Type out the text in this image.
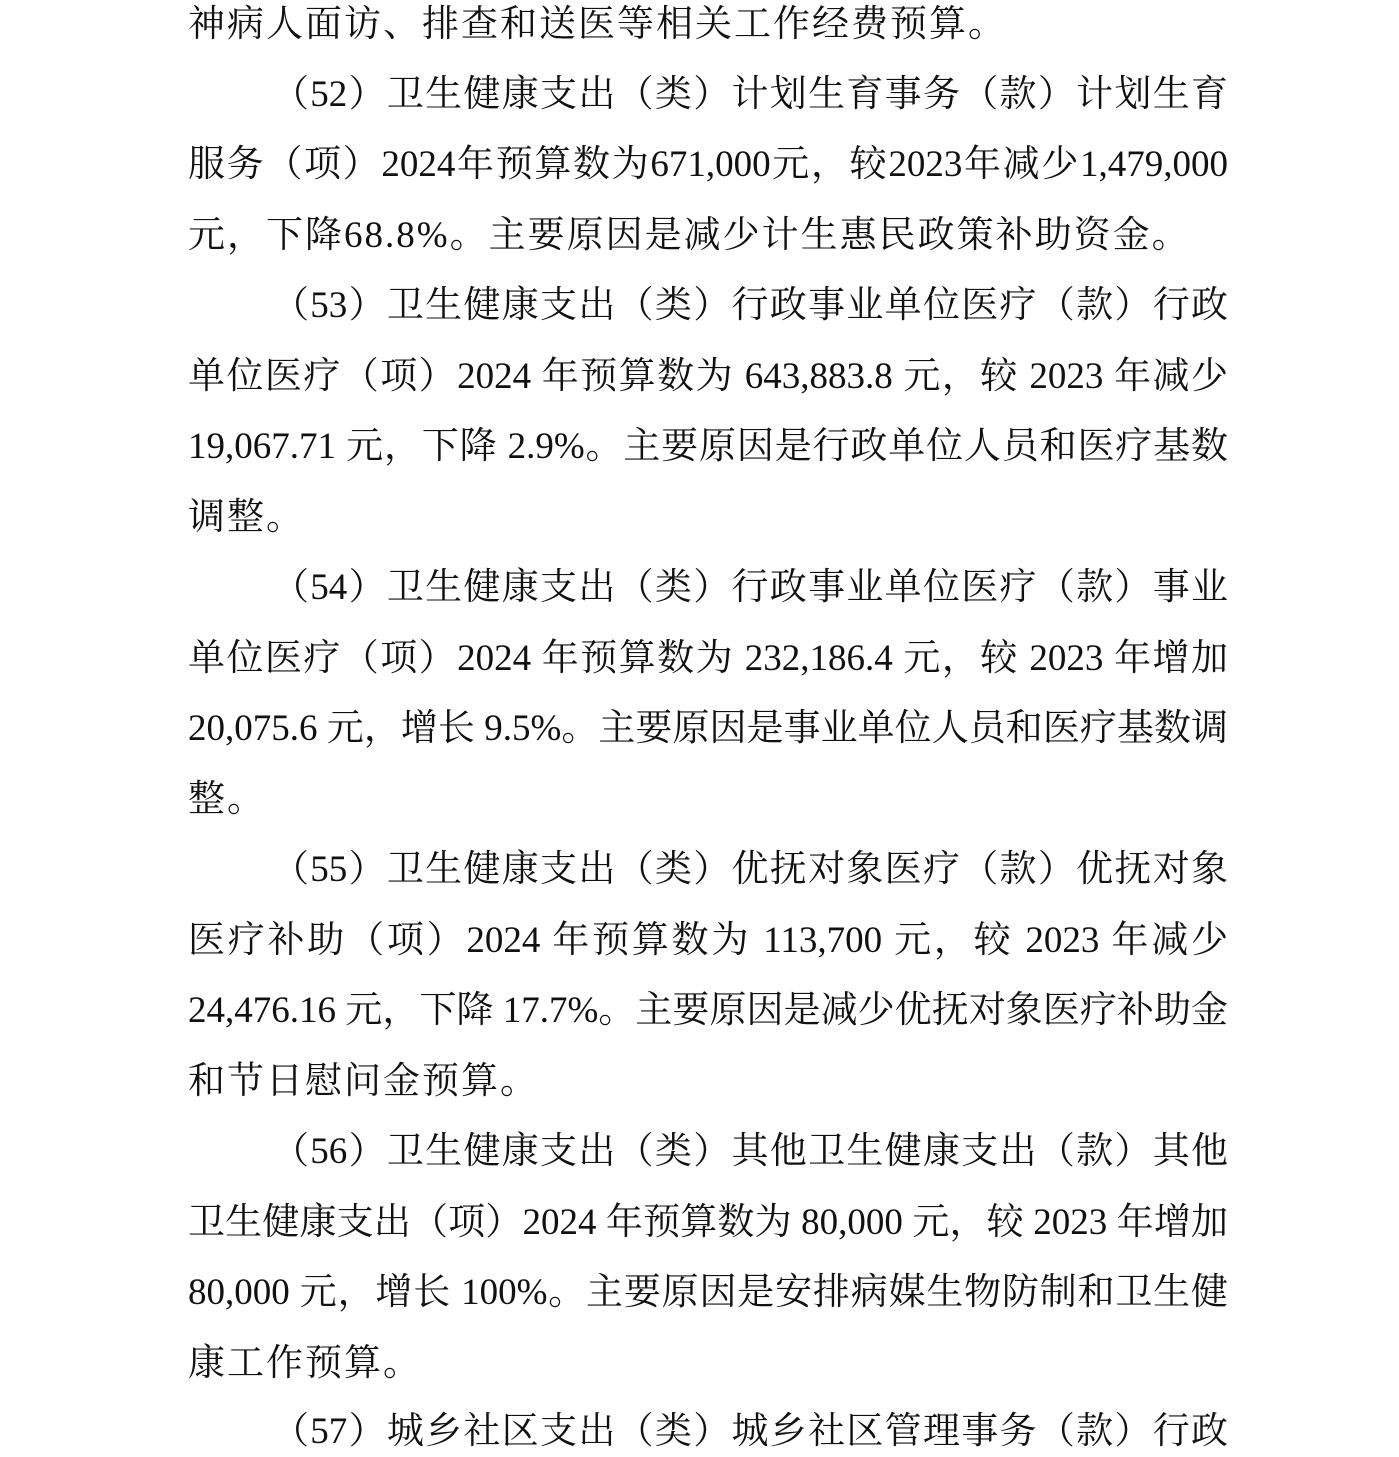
神病人面访、排查和送医等相关工作经费预算。
（52）卫生健康支出（类）计划生育事务（款）计划生育
服务（项）2024年预算数为671,000元，较2023年减少1,479,000
元，下降68.8%。主要原因是减少计生惠民政策补助资金。
（53）卫生健康支出（类）行政事业单位医疗（款）行政
单位医疗（项）2024 年预算数为 643,883.8 元，较 2023 年减少
19,067.71 元，下降 2.9%。主要原因是行政单位人员和医疗基数
调整。
（54）卫生健康支出（类）行政事业单位医疗（款）事业
单位医疗（项）2024 年预算数为 232,186.4 元，较 2023 年增加
20,075.6 元，增长 9.5%。主要原因是事业单位人员和医疗基数调
整。
（55）卫生健康支出（类）优抚对象医疗（款）优抚对象
医疗补助（项）2024 年预算数为 113,700 元，较 2023 年减少
24,476.16 元，下降 17.7%。主要原因是减少优抚对象医疗补助金
和节日慰问金预算。
（56）卫生健康支出（类）其他卫生健康支出（款）其他
卫生健康支出（项）2024 年预算数为 80,000 元，较 2023 年增加
80,000 元，增长 100%。主要原因是安排病媒生物防制和卫生健
康工作预算。
（57）城乡社区支出（类）城乡社区管理事务（款）行政
